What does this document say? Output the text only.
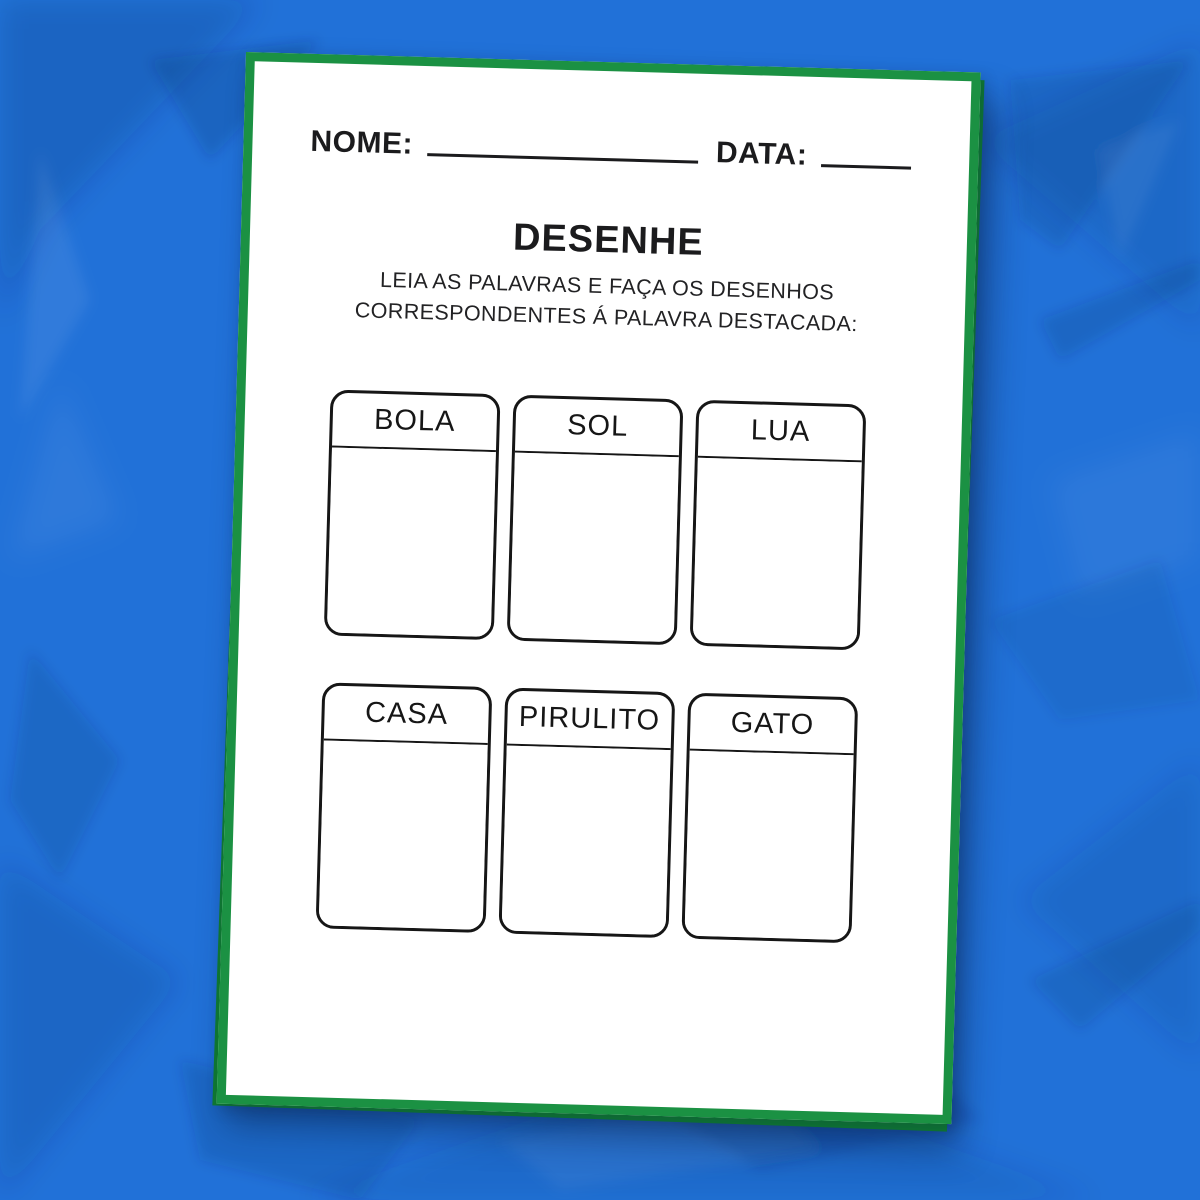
NOME:	DATA:
DESENHE

LEIA AS PALAVRAS E FAÇA OS DESENHOS
CORRESPONDENTES Á PALAVRA DESTACADA:

BOLA	SOL	LUA
CASA	PIRULITO	GATO
